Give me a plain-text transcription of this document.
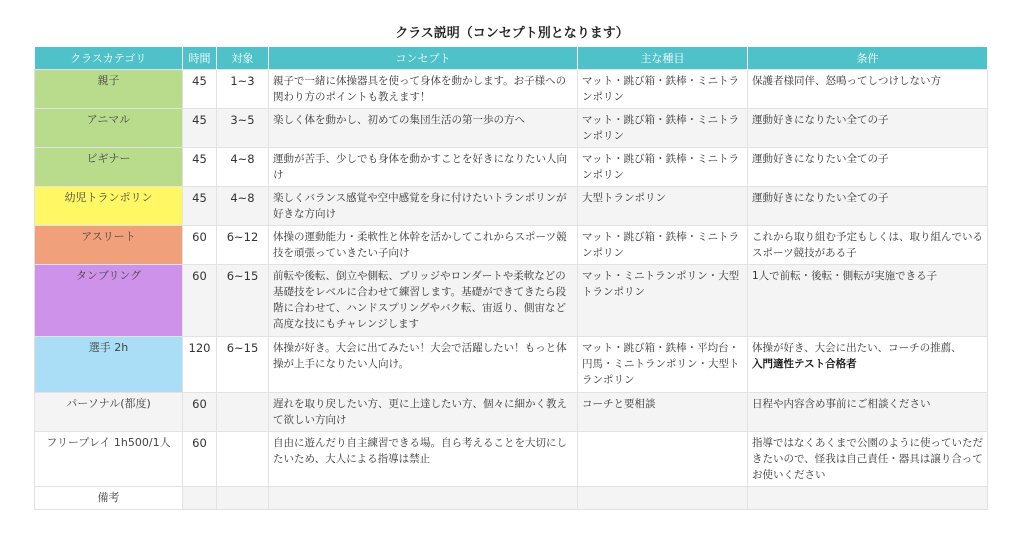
クラス説明（コンセプト別となります）
クラスカテゴリ	時間	対象	コンセプト	主な種目	条件
親子	45	1~3	親子で一緒に体操器具を使って身体を動かします。お子様への関わり方のポイントも教えます！	マット・跳び箱・鉄棒・ミニトランポリン	保護者様同伴、怒鳴ってしつけしない方
アニマル	45	3~5	楽しく体を動かし、初めての集団生活の第一歩の方へ	マット・跳び箱・鉄棒・ミニトランポリン	運動好きになりたい全ての子
ビギナー	45	4~8	運動が苦手、少しでも身体を動かすことを好きになりたい人向け	マット・跳び箱・鉄棒・ミニトランポリン	運動好きになりたい全ての子
幼児トランポリン	45	4~8	楽しくバランス感覚や空中感覚を身に付けたいトランポリンが好きな方向け	大型トランポリン	運動好きになりたい全ての子
アスリート	60	6~12	体操の運動能力・柔軟性と体幹を活かしてこれからスポーツ競技を頑張っていきたい子向け	マット・跳び箱・鉄棒・ミニトランポリン	これから取り組む予定もしくは、取り組んでいるスポーツ競技がある子
タンブリング	60	6~15	前転や後転、倒立や側転、ブリッジやロンダートや柔軟などの基礎技をレベルに合わせて練習します。基礎ができてきたら段階に合わせて、ハンドスプリングやバク転、宙返り、側宙など高度な技にもチャレンジします	マット・ミニトランポリン・大型トランポリン	1人で前転・後転・側転が実施できる子
選手 2h	120	6~15	体操が好き。大会に出てみたい！大会で活躍したい！もっと体操が上手になりたい人向け。	マット・跳び箱・鉄棒・平均台・円馬・ミニトランポリン・大型トランポリン	体操が好き、大会に出たい、コーチの推薦、
入門適性テスト合格者
パーソナル(都度)	60		遅れを取り戻したい方、更に上達したい方、個々に細かく教えて欲しい方向け	コーチと要相談	日程や内容含め事前にご相談ください
フリープレイ 1h500/1人	60		自由に遊んだり自主練習できる場。自ら考えることを大切にしたいため、大人による指導は禁止		指導ではなくあくまで公園のように使っていただきたいので、怪我は自己責任・器具は譲り合ってお使いください
備考					
